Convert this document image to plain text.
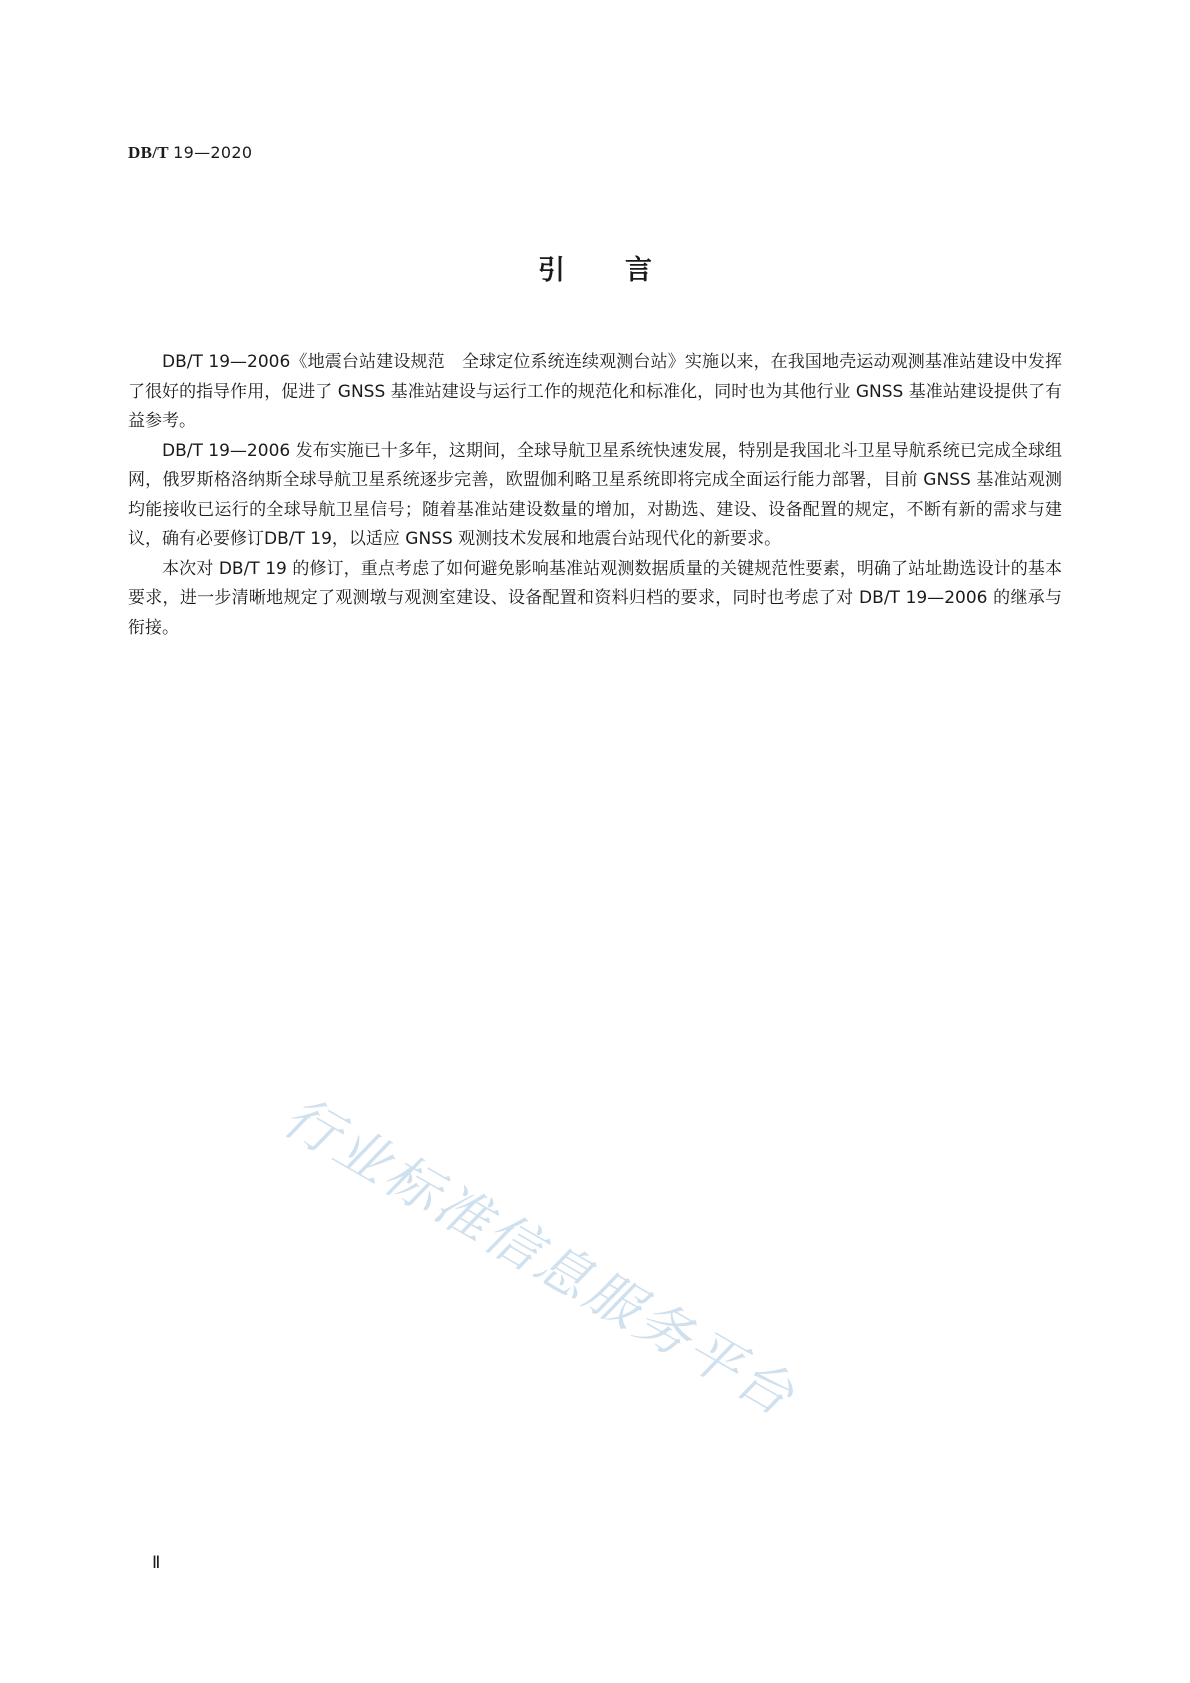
DB/T 19—2020
引言

DB/T 19—2006《地震台站建设规范　全球定位系统连续观测台站》实施以来，在我国地壳运动观测基准站建设中发挥了很好的指导作用，促进了 GNSS 基准站建设与运行工作的规范化和标准化，同时也为其他行业 GNSS 基准站建设提供了有益参考。

DB/T 19—2006 发布实施已十多年，这期间，全球导航卫星系统快速发展，特别是我国北斗卫星导航系统已完成全球组网，俄罗斯格洛纳斯全球导航卫星系统逐步完善，欧盟伽利略卫星系统即将完成全面运行能力部署，目前 GNSS 基准站观测均能接收已运行的全球导航卫星信号；随着基准站建设数量的增加，对勘选、建设、设备配置的规定，不断有新的需求与建议，确有必要修订DB/T 19，以适应 GNSS 观测技术发展和地震台站现代化的新要求。

本次对 DB/T 19 的修订，重点考虑了如何避免影响基准站观测数据质量的关键规范性要素，明确了站址勘选设计的基本要求，进一步清晰地规定了观测墩与观测室建设、设备配置和资料归档的要求，同时也考虑了对 DB/T 19—2006 的继承与衔接。

行业标准信息服务平台
Ⅱ
